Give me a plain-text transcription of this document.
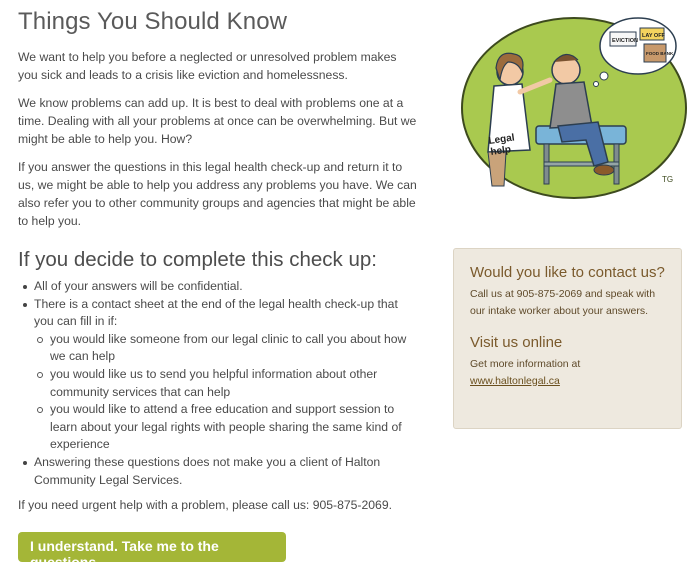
Things You Should Know

We want to help you before a neglected or unresolved problem makes you sick and leads to a crisis like eviction and homelessness.

We know problems can add up. It is best to deal with problems one at a time. Dealing with all your problems at once can be overwhelming. But we might be able to help you. How?

If you answer the questions in this legal health check-up and return it to us, we might be able to help you address any problems you have. We can also refer you to other community groups and agencies that might be able to help you.

If you decide to complete this check up:
All of your answers will be confidential.
There is a contact sheet at the end of the legal health check-up that you can fill in if:
you would like someone from our legal clinic to call you about how we can help
you would like us to send you helpful information about other community services that can help
you would like to attend a free education and support session to learn about your legal rights with people sharing the same kind of experience
Answering these questions does not make you a client of Halton Community Legal Services.

If you need urgent help with a problem, please call us: 905-875-2069.

I understand. Take me to the questions
Legal
help
EVICTION
LAY OFF
FOOD BANK
TG
Would you like to contact us?

Call us at 905-875-2069 and speak with our intake worker about your answers.

Visit us online

Get more information at

www.haltonlegal.ca
